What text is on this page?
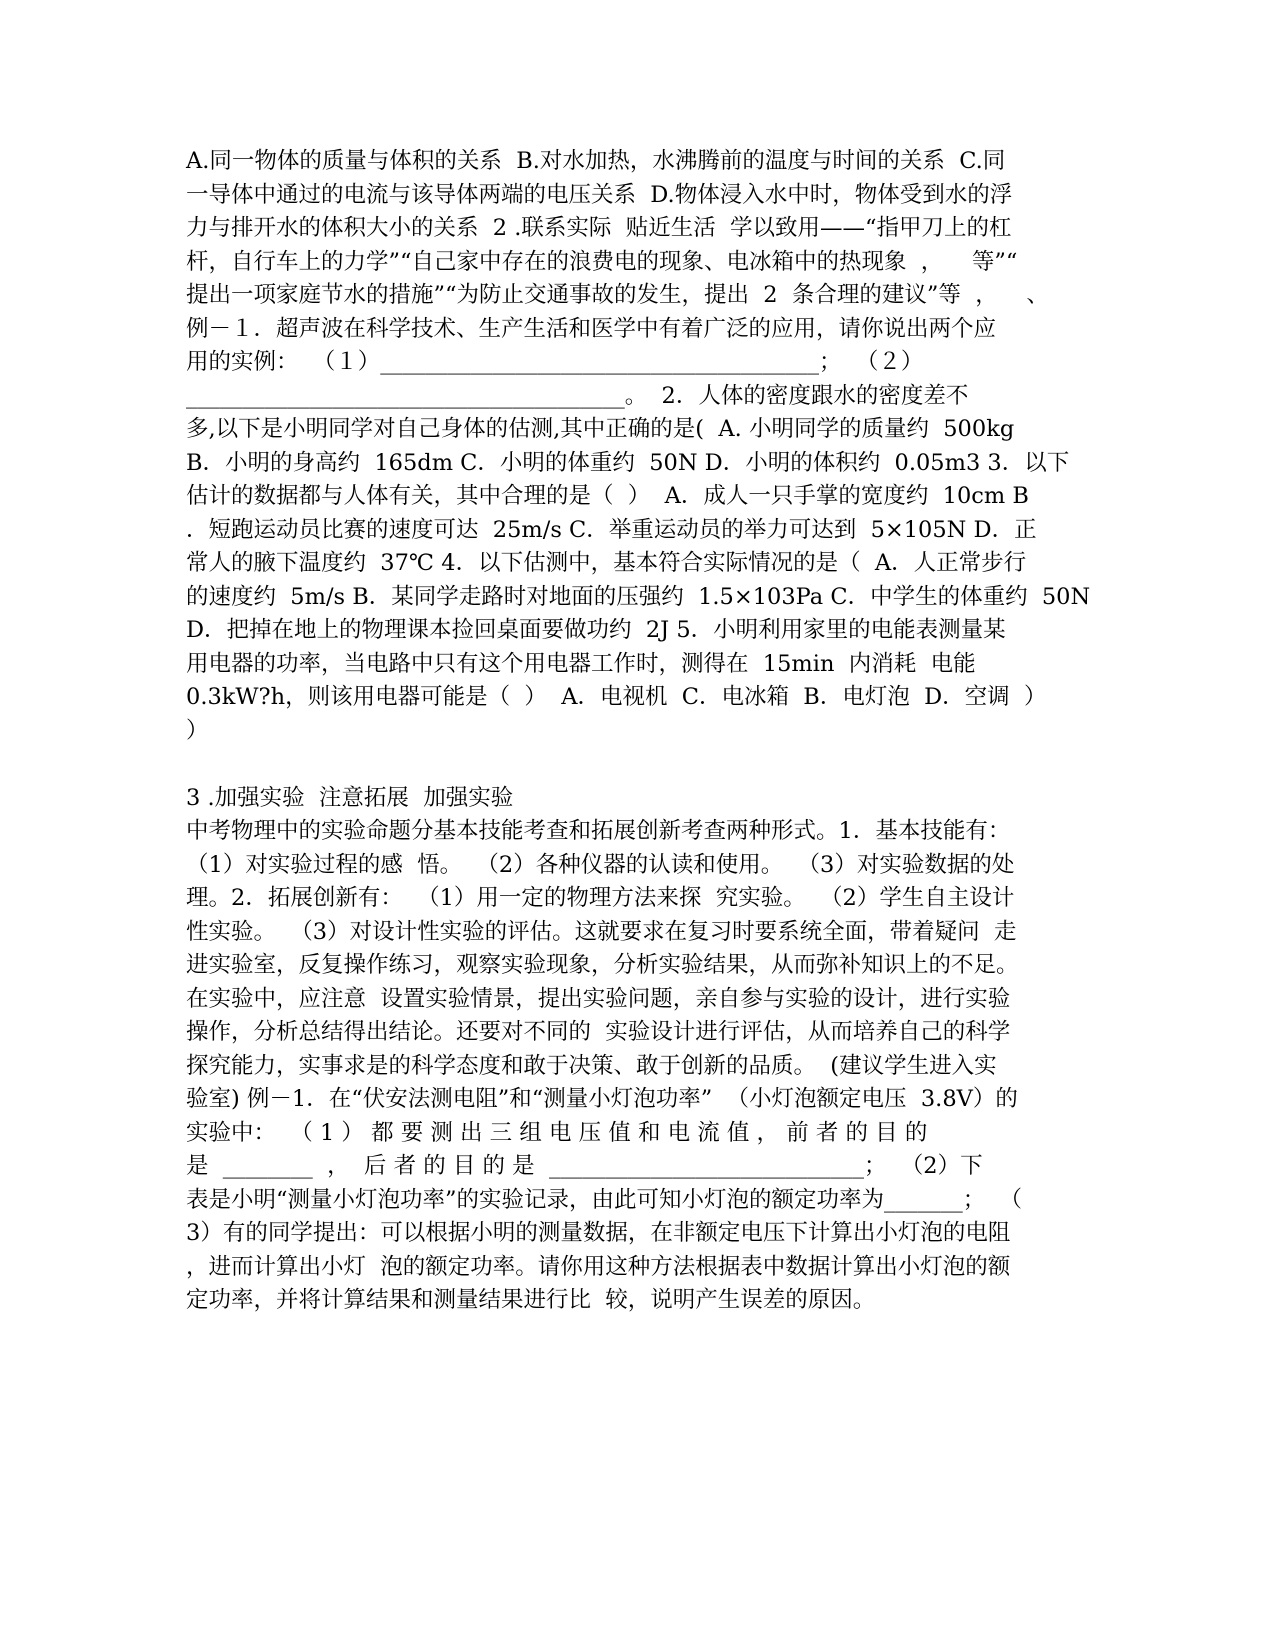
A.同一物体的质量与体积的关系  B.对水加热，水沸腾前的温度与时间的关系  C.同
一导体中通过的电流与该导体两端的电压关系  D.物体浸入水中时，物体受到水的浮
力与排开水的体积大小的关系  2 .联系实际  贴近生活  学以致用——“指甲刀上的杠
杆，自行车上的力学”“自己家中存在的浪费电的现象、电冰箱中的热现象  ，    等”“
提出一项家庭节水的措施”“为防止交通事故的发生，提出  2  条合理的建议”等  ，    、
例－１．超声波在科学技术、生产生活和医学中有着广泛的应用，请你说出两个应
用的实例：  （１）_______________________________________；  （２）
_______________________________________。  2．人体的密度跟水的密度差不
多,以下是小明同学对自己身体的估测,其中正确的是(  A. 小明同学的质量约  500kg
B．小明的身高约  165dm C．小明的体重约  50N D．小明的体积约  0.05m3 3．以下
估计的数据都与人体有关，其中合理的是（  ）  A．成人一只手掌的宽度约  10cm B
．短跑运动员比赛的速度可达  25m/s C．举重运动员的举力可达到  5×105N D．正
常人的腋下温度约  37℃ 4．以下估测中，基本符合实际情况的是（  A．人正常步行
的速度约  5m/s B．某同学走路时对地面的压强约  1.5×103Pa C．中学生的体重约  50N
D．把掉在地上的物理课本捡回桌面要做功约  2J 5．小明利用家里的电能表测量某
用电器的功率，当电路中只有这个用电器工作时，测得在  15min  内消耗  电能
0.3kW?h，则该用电器可能是（  ）  A．电视机  C．电冰箱  B．电灯泡  D．空调  ）
）
3 .加强实验  注意拓展  加强实验
中考物理中的实验命题分基本技能考查和拓展创新考查两种形式。1．基本技能有：
（1）对实验过程的感  悟。  （2）各种仪器的认读和使用。  （3）对实验数据的处
理。2．拓展创新有：  （1）用一定的物理方法来探  究实验。  （2）学生自主设计
性实验。  （3）对设计性实验的评估。这就要求在复习时要系统全面，带着疑问  走
进实验室，反复操作练习，观察实验现象，分析实验结果，从而弥补知识上的不足。
在实验中，应注意  设置实验情景，提出实验问题，亲自参与实验的设计，进行实验
操作，分析总结得出结论。还要对不同的  实验设计进行评估，从而培养自己的科学
探究能力，实事求是的科学态度和敢于决策、敢于创新的品质。  (建议学生进入实
验室) 例－1．在“伏安法测电阻”和“测量小灯泡功率”  （小灯泡额定电压  3.8V）的
实验中：  （ 1 ） 都 要 测 出 三 组 电 压 值 和 电 流 值 ， 前 者 的 目 的
是  ________  ，  后 者 的 目 的 是  ____________________________；  （2）下
表是小明“测量小灯泡功率”的实验记录，由此可知小灯泡的额定功率为_______；  （
3）有的同学提出：可以根据小明的测量数据，在非额定电压下计算出小灯泡的电阻
，进而计算出小灯  泡的额定功率。请你用这种方法根据表中数据计算出小灯泡的额
定功率，并将计算结果和测量结果进行比  较，说明产生误差的原因。
